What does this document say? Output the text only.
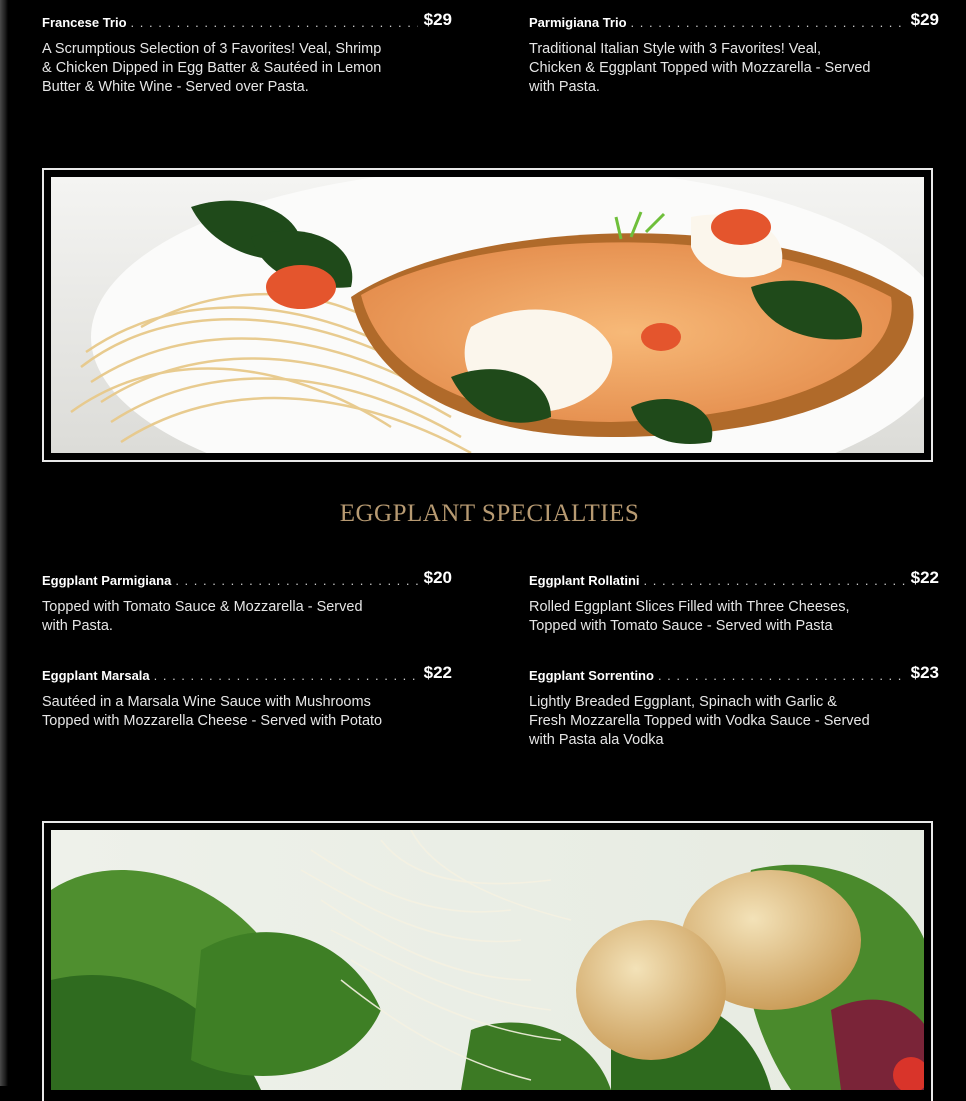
Francese Trio . . .	$29
A Scrumptious Selection of 3 Favorites! Veal, Shrimp & Chicken Dipped in Egg Batter & Sautéed in Lemon Butter & White Wine - Served over Pasta.
Parmigiana Trio . . .	$29
Traditional Italian Style with 3 Favorites! Veal, Chicken & Eggplant Topped with Mozzarella - Served with Pasta.
EGGPLANT SPECIALTIES
Eggplant Parmigiana . . .	$20
Topped with Tomato Sauce & Mozzarella - Served with Pasta.
Eggplant Rollatini . . .	$22
Rolled Eggplant Slices Filled with Three Cheeses, Topped with Tomato Sauce - Served with Pasta
Eggplant Marsala . . .	$22
Sautéed in a Marsala Wine Sauce with Mushrooms Topped with Mozzarella Cheese - Served with Potato
Eggplant Sorrentino . . .	$23
Lightly Breaded Eggplant, Spinach with Garlic & Fresh Mozzarella Topped with Vodka Sauce - Served with Pasta ala Vodka
